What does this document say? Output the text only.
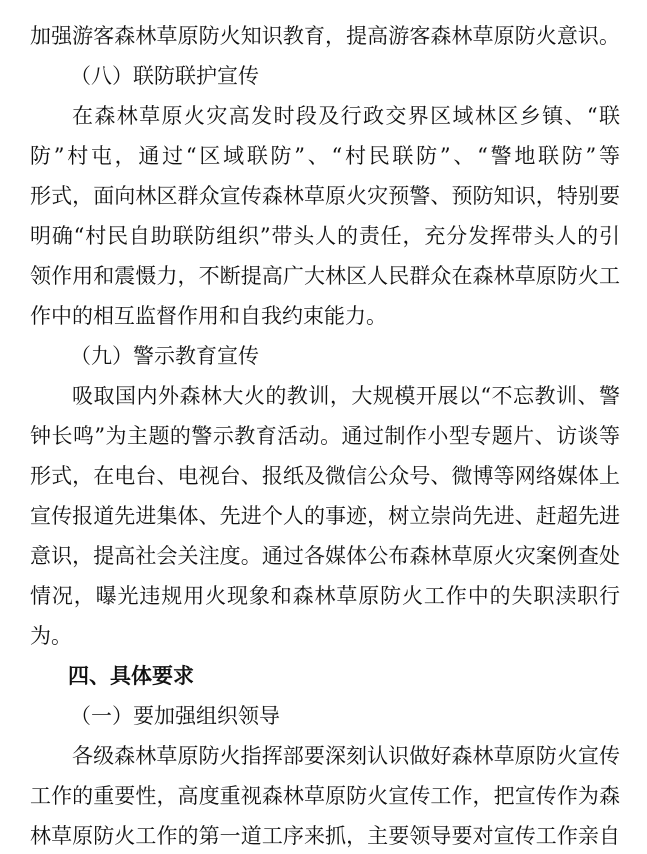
加强游客森林草原防火知识教育，提高游客森林草原防火意识。
（八）联防联护宣传
在森林草原火灾高发时段及行政交界区域林区乡镇、“联
防”村屯，通过“区域联防”、“村民联防”、“警地联防”等
形式，面向林区群众宣传森林草原火灾预警、预防知识，特别要
明确“村民自助联防组织”带头人的责任，充分发挥带头人的引
领作用和震慑力，不断提高广大林区人民群众在森林草原防火工
作中的相互监督作用和自我约束能力。
（九）警示教育宣传
吸取国内外森林大火的教训，大规模开展以“不忘教训、警
钟长鸣”为主题的警示教育活动。通过制作小型专题片、访谈等
形式，在电台、电视台、报纸及微信公众号、微博等网络媒体上
宣传报道先进集体、先进个人的事迹，树立崇尚先进、赶超先进
意识，提高社会关注度。通过各媒体公布森林草原火灾案例查处
情况，曝光违规用火现象和森林草原防火工作中的失职渎职行
为。
四、具体要求
（一）要加强组织领导
各级森林草原防火指挥部要深刻认识做好森林草原防火宣传
工作的重要性，高度重视森林草原防火宣传工作，把宣传作为森
林草原防火工作的第一道工序来抓，主要领导要对宣传工作亲自
